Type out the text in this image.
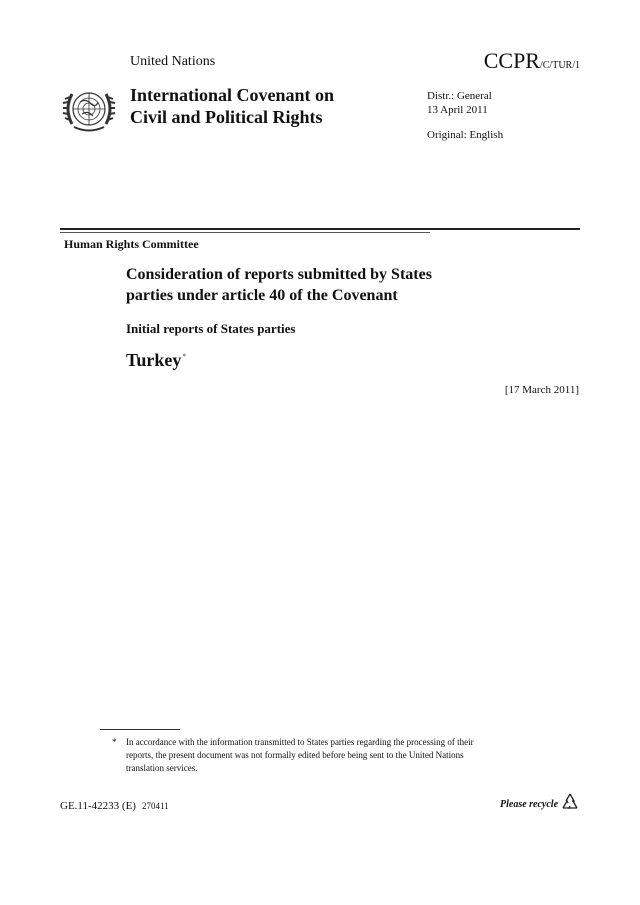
United Nations	CCPR/C/TUR/1
International Covenant on
Civil and Political Rights
Distr.: General
13 April 2011
Original: English
Human Rights Committee
Consideration of reports submitted by States
parties under article 40 of the Covenant
Initial reports of States parties
Turkey*
[17 March 2011]
* In accordance with the information transmitted to States parties regarding the processing of their
reports, the present document was not formally edited before being sent to the United Nations
translation services.
GE.11-42233 (E) 270411	Please recycle
